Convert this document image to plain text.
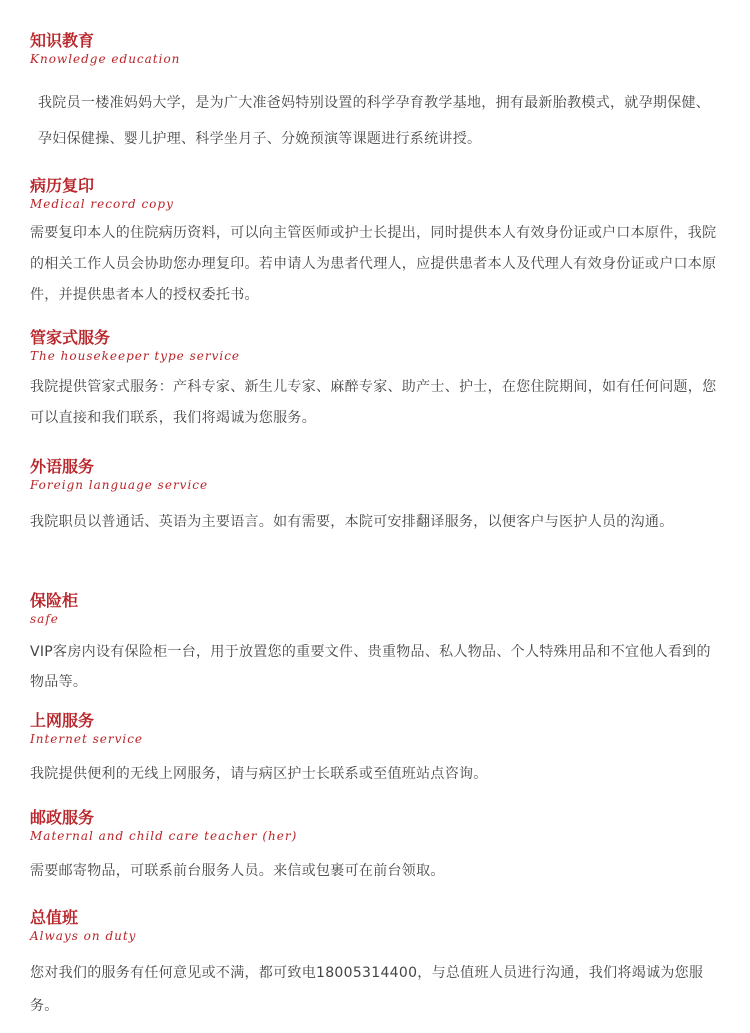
知识教育
Knowledge education
我院员一楼准妈妈大学，是为广大准爸妈特别设置的科学孕育教学基地，拥有最新胎教模式，就孕期保健、孕妇保健操、婴儿护理、科学坐月子、分娩预演等课题进行系统讲授。
病历复印
Medical record copy
需要复印本人的住院病历资料，可以向主管医师或护士长提出，同时提供本人有效身份证或户口本原件，我院的相关工作人员会协助您办理复印。若申请人为患者代理人，应提供患者本人及代理人有效身份证或户口本原件，并提供患者本人的授权委托书。
管家式服务
The housekeeper type service
我院提供管家式服务：产科专家、新生儿专家、麻醉专家、助产士、护士，在您住院期间，如有任何问题，您可以直接和我们联系，我们将竭诚为您服务。
外语服务
Foreign language service
我院职员以普通话、英语为主要语言。如有需要，本院可安排翻译服务，以便客户与医护人员的沟通。
保险柜
safe
VIP客房内设有保险柜一台，用于放置您的重要文件、贵重物品、私人物品、个人特殊用品和不宜他人看到的物品等。
上网服务
Internet service
我院提供便利的无线上网服务，请与病区护士长联系或至值班站点咨询。
邮政服务
Maternal and child care teacher (her)
需要邮寄物品，可联系前台服务人员。来信或包裹可在前台领取。
总值班
Always on duty
您对我们的服务有任何意见或不满，都可致电18005314400，与总值班人员进行沟通，我们将竭诚为您服务。
